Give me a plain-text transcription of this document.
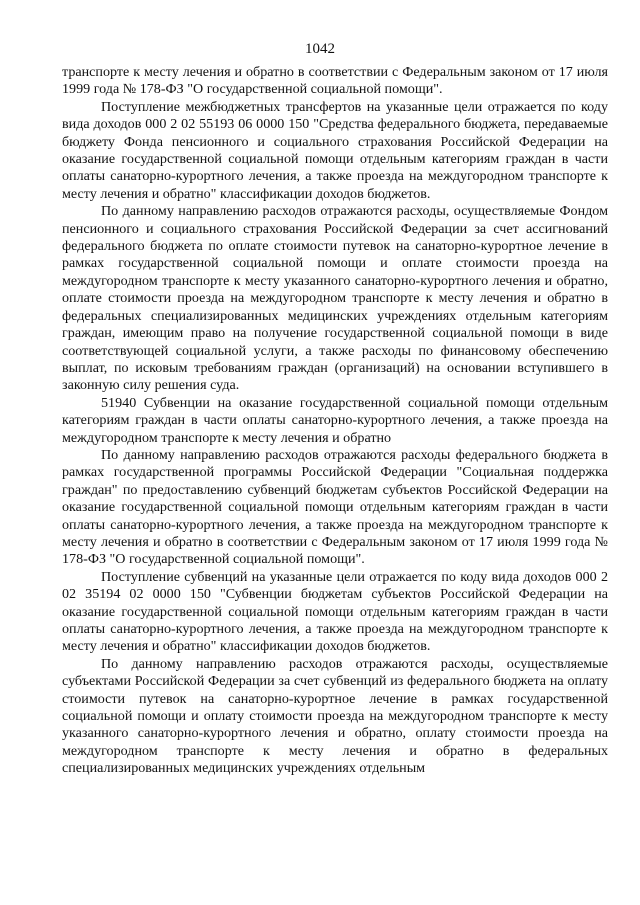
1042

транспорте к месту лечения и обратно в соответствии с Федеральным законом от 17 июля 1999 года № 178-ФЗ "О государственной социальной помощи".

Поступление межбюджетных трансфертов на указанные цели отражается по коду вида доходов 000 2 02 55193 06 0000 150 "Средства федерального бюджета, передаваемые бюджету Фонда пенсионного и социального страхования Российской Федерации на оказание государственной социальной помощи отдельным категориям граждан в части оплаты санаторно-курортного лечения, а также проезда на междугородном транспорте к месту лечения и обратно" классификации доходов бюджетов.

По данному направлению расходов отражаются расходы, осуществляемые Фондом пенсионного и социального страхования Российской Федерации за счет ассигнований федерального бюджета по оплате стоимости путевок на санаторно-курортное лечение в рамках государственной социальной помощи и оплате стоимости проезда на междугородном транспорте к месту указанного санаторно-курортного лечения и обратно, оплате стоимости проезда на междугородном транспорте к месту лечения и обратно в федеральных специализированных медицинских учреждениях отдельным категориям граждан, имеющим право на получение государственной социальной помощи в виде соответствующей социальной услуги, а также расходы по финансовому обеспечению выплат, по исковым требованиям граждан (организаций) на основании вступившего в законную силу решения суда.

51940 Субвенции на оказание государственной социальной помощи отдельным категориям граждан в части оплаты санаторно-курортного лечения, а также проезда на междугородном транспорте к месту лечения и обратно

По данному направлению расходов отражаются расходы федерального бюджета в рамках государственной программы Российской Федерации "Социальная поддержка граждан" по предоставлению субвенций бюджетам субъектов Российской Федерации на оказание государственной социальной помощи отдельным категориям граждан в части оплаты санаторно-курортного лечения, а также проезда на междугородном транспорте к месту лечения и обратно в соответствии с Федеральным законом от 17 июля 1999 года № 178-ФЗ "О государственной социальной помощи".

Поступление субвенций на указанные цели отражается по коду вида доходов 000 2 02 35194 02 0000 150 "Субвенции бюджетам субъектов Российской Федерации на оказание государственной социальной помощи отдельным категориям граждан в части оплаты санаторно-курортного лечения, а также проезда на междугородном транспорте к месту лечения и обратно" классификации доходов бюджетов.

По данному направлению расходов отражаются расходы, осуществляемые субъектами Российской Федерации за счет субвенций из федерального бюджета на оплату стоимости путевок на санаторно-курортное лечение в рамках государственной социальной помощи и оплату стоимости проезда на междугородном транспорте к месту указанного санаторно-курортного лечения и обратно, оплату стоимости проезда на междугородном транспорте к месту лечения и обратно в федеральных специализированных медицинских учреждениях отдельным
